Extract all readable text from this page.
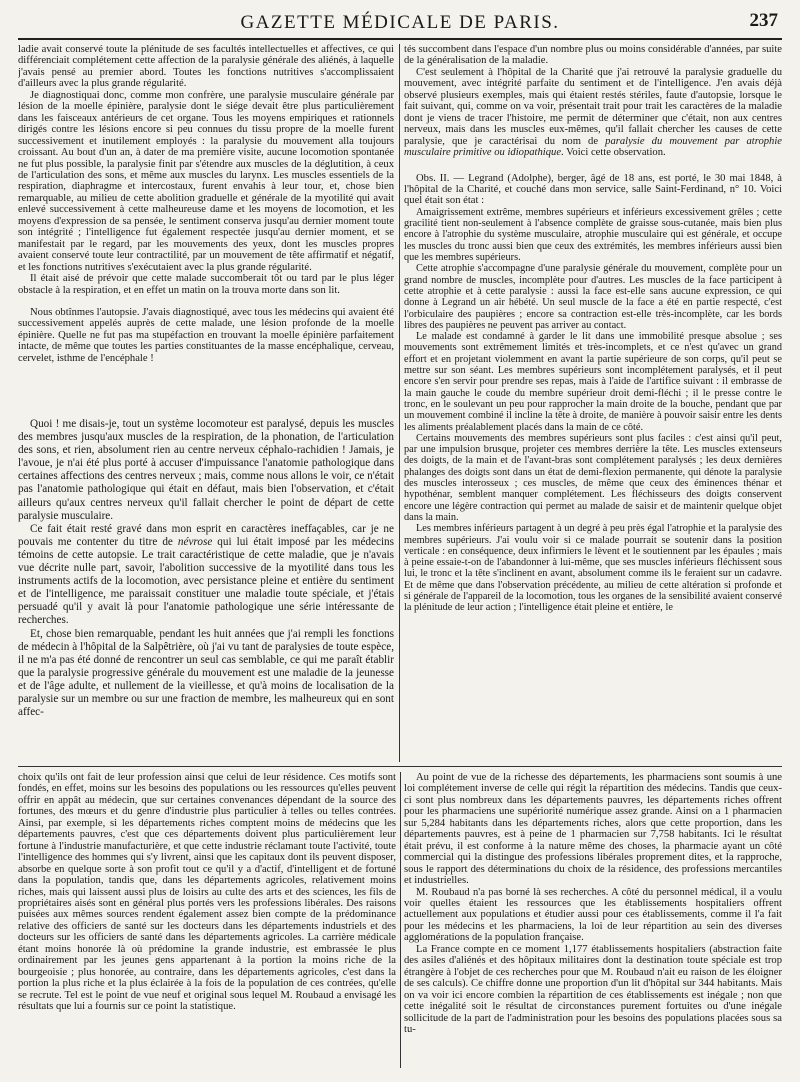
GAZETTE MÉDICALE DE PARIS.	237

ladie avait conservé toute la plénitude de ses facultés intellectuelles et affectives, ce qui différenciait complétement cette affection de la paralysie générale des aliénés, à laquelle j'avais pensé au premier abord. Toutes les fonctions nutritives s'accomplissaient d'ailleurs avec la plus grande régularité.

Je diagnostiquai donc, comme mon confrère, une paralysie musculaire générale par lésion de la moelle épinière, paralysie dont le siége devait être plus particulièrement dans les faisceaux antérieurs de cet organe. Tous les moyens empiriques et rationnels dirigés contre les lésions encore si peu connues du tissu propre de la moelle furent successivement et inutilement employés : la paralysie du mouvement alla toujours croissant. Au bout d'un an, à dater de ma première visite, aucune locomotion spontanée ne fut plus possible, la paralysie finit par s'étendre aux muscles de la déglutition, à ceux de l'articulation des sons, et même aux muscles du larynx. Les muscles essentiels de la respiration, diaphragme et intercostaux, furent envahis à leur tour, et, chose bien remarquable, au milieu de cette abolition graduelle et générale de la myotilité qui avait enlevé successivement à cette malheureuse dame et les moyens de locomotion, et les moyens d'expression de sa pensée, le sentiment conserva jusqu'au dernier moment toute son intégrité ; l'intelligence fut également respectée jusqu'au dernier moment, et se manifestait par le regard, par les mouvements des yeux, dont les muscles propres avaient conservé toute leur contractilité, par un mouvement de tête affirmatif et négatif, et les fonctions nutritives s'exécutaient avec la plus grande régularité.

Il était aisé de prévoir que cette malade succomberait tôt ou tard par le plus léger obstacle à la respiration, et en effet un matin on la trouva morte dans son lit.

Nous obtînmes l'autopsie. J'avais diagnostiqué, avec tous les médecins qui avaient été successivement appelés auprès de cette malade, une lésion profonde de la moelle épinière. Quelle ne fut pas ma stupéfaction en trouvant la moelle épinière parfaitement intacte, de même que toutes les parties constituantes de la masse encéphalique, cerveau, cervelet, isthme de l'encéphale !

Quoi ! me disais-je, tout un système locomoteur est paralysé, depuis les muscles des membres jusqu'aux muscles de la respiration, de la phonation, de l'articulation des sons, et rien, absolument rien au centre nerveux céphalo-rachidien ! Jamais, je l'avoue, je n'ai été plus porté à accuser d'impuissance l'anatomie pathologique dans certaines affections des centres nerveux ; mais, comme nous allons le voir, ce n'était pas l'anatomie pathologique qui était en défaut, mais bien l'observation, et c'était ailleurs qu'aux centres nerveux qu'il fallait chercher le point de départ de cette paralysie musculaire.

Ce fait était resté gravé dans mon esprit en caractères ineffaçables, car je ne pouvais me contenter du titre de névrose qui lui était imposé par les médecins témoins de cette autopsie. Le trait caractéristique de cette maladie, que je n'avais vue décrite nulle part, savoir, l'abolition successive de la myotilité dans tous les instruments actifs de la locomotion, avec persistance pleine et entière du sentiment et de l'intelligence, me paraissait constituer une maladie toute spéciale, et j'étais persuadé qu'il y avait là pour l'anatomie pathologique une série intéressante de recherches.

Et, chose bien remarquable, pendant les huit années que j'ai rempli les fonctions de médecin à l'hôpital de la Salpêtrière, où j'ai vu tant de paralysies de toute espèce, il ne m'a pas été donné de rencontrer un seul cas semblable, ce qui me paraît établir que la paralysie progressive générale du mouvement est une maladie de la jeunesse et de l'âge adulte, et nullement de la vieillesse, et qu'à moins de localisation de la paralysie sur un membre ou sur une fraction de membre, les malheureux qui en sont affec-

tés succombent dans l'espace d'un nombre plus ou moins considérable d'années, par suite de la généralisation de la maladie.

C'est seulement à l'hôpital de la Charité que j'ai retrouvé la paralysie graduelle du mouvement, avec intégrité parfaite du sentiment et de l'intelligence. J'en avais déjà observé plusieurs exemples, mais qui étaient restés stériles, faute d'autopsie, lorsque le fait suivant, qui, comme on va voir, présentait trait pour trait les caractères de la maladie dont je viens de tracer l'histoire, me permit de déterminer que c'était, non aux centres nerveux, mais dans les muscles eux-mêmes, qu'il fallait chercher les causes de cette paralysie, que je caractérisai du nom de paralysie du mouvement par atrophie musculaire primitive ou idiopathique. Voici cette observation.

Obs. II. — Legrand (Adolphe), berger, âgé de 18 ans, est porté, le 30 mai 1848, à l'hôpital de la Charité, et couché dans mon service, salle Saint-Ferdinand, n° 10. Voici quel était son état :

Amaigrissement extrême, membres supérieurs et inférieurs excessivement grêles ; cette gracilité tient non-seulement à l'absence complète de graisse sous-cutanée, mais bien plus encore à l'atrophie du système musculaire, atrophie musculaire qui est générale, et occupe les muscles du tronc aussi bien que ceux des extrémités, les membres inférieurs aussi bien que les membres supérieurs.

Cette atrophie s'accompagne d'une paralysie générale du mouvement, complète pour un grand nombre de muscles, incomplète pour d'autres. Les muscles de la face participent à cette atrophie et à cette paralysie : aussi la face est-elle sans aucune expression, ce qui donne à Legrand un air hébété. Un seul muscle de la face a été en partie respecté, c'est l'orbiculaire des paupières ; encore sa contraction est-elle très-incomplète, car les bords libres des paupières ne peuvent pas arriver au contact.

Le malade est condamné à garder le lit dans une immobilité presque absolue ; ses mouvements sont extrêmement limités et très-incomplets, et ce n'est qu'avec un grand effort et en projetant violemment en avant la partie supérieure de son corps, qu'il peut se mettre sur son séant. Les membres supérieurs sont incomplétement paralysés, et il peut encore s'en servir pour prendre ses repas, mais à l'aide de l'artifice suivant : il embrasse de la main gauche le coude du membre supérieur droit demi-fléchi ; il le presse contre le tronc, en le soulevant un peu pour rapprocher la main droite de la bouche, pendant que par un mouvement combiné il incline la tête à droite, de manière à pouvoir saisir entre les dents les aliments préalablement placés dans la main de ce côté.

Certains mouvements des membres supérieurs sont plus faciles : c'est ainsi qu'il peut, par une impulsion brusque, projeter ces membres derrière la tête. Les muscles extenseurs des doigts, de la main et de l'avant-bras sont complétement paralysés ; les deux dernières phalanges des doigts sont dans un état de demi-flexion permanente, qui dénote la paralysie des muscles interosseux ; ces muscles, de même que ceux des éminences thénar et hypothénar, semblent manquer complétement. Les fléchisseurs des doigts conservent encore une légère contraction qui permet au malade de saisir et de maintenir quelque objet dans la main.

Les membres inférieurs partagent à un degré à peu près égal l'atrophie et la paralysie des membres supérieurs. J'ai voulu voir si ce malade pourrait se soutenir dans la position verticale : en conséquence, deux infirmiers le lèvent et le soutiennent par les épaules ; mais à peine essaie-t-on de l'abandonner à lui-même, que ses muscles inférieurs fléchissent sous lui, le tronc et la tête s'inclinent en avant, absolument comme ils le feraient sur un cadavre. Et de même que dans l'observation précédente, au milieu de cette altération si profonde et si générale de l'appareil de la locomotion, tous les organes de la sensibilité avaient conservé la plénitude de leur action ; l'intelligence était pleine et entière, le

choix qu'ils ont fait de leur profession ainsi que celui de leur résidence. Ces motifs sont fondés, en effet, moins sur les besoins des populations ou les ressources qu'elles peuvent offrir en appât au médecin, que sur certaines convenances dépendant de la source des fortunes, des mœurs et du genre d'industrie plus particulier à telles ou telles contrées. Ainsi, par exemple, si les départements riches comptent moins de médecins que les départements pauvres, c'est que ces départements doivent plus particulièrement leur fortune à l'industrie manufacturière, et que cette industrie réclamant toute l'activité, toute l'intelligence des hommes qui s'y livrent, ainsi que les capitaux dont ils peuvent disposer, absorbe en quelque sorte à son profit tout ce qu'il y a d'actif, d'intelligent et de fortuné dans la population, tandis que, dans les départements agricoles, relativement moins riches, mais qui laissent aussi plus de loisirs au culte des arts et des sciences, les fils de propriétaires aisés sont en général plus portés vers les professions libérales. Des raisons puisées aux mêmes sources rendent également assez bien compte de la prédominance relative des officiers de santé sur les docteurs dans les départements industriels et des docteurs sur les officiers de santé dans les départements agricoles. La carrière médicale étant moins honorée là où prédomine la grande industrie, est embrassée le plus ordinairement par les jeunes gens appartenant à la portion la moins riche de la bourgeoisie ; plus honorée, au contraire, dans les départements agricoles, c'est dans la portion la plus riche et la plus éclairée à la fois de la population de ces contrées, qu'elle se recrute. Tel est le point de vue neuf et original sous lequel M. Roubaud a envisagé les résultats que lui a fournis sur ce point la statistique.

Au point de vue de la richesse des départements, les pharmaciens sont soumis à une loi complétement inverse de celle qui régit la répartition des médecins. Tandis que ceux-ci sont plus nombreux dans les départements pauvres, les départements riches offrent pour les pharmaciens une supériorité numérique assez grande. Ainsi on a 1 pharmacien sur 5,284 habitants dans les départements riches, alors que cette proportion, dans les départements pauvres, est à peine de 1 pharmacien sur 7,758 habitants. Ici le résultat était prévu, il est conforme à la nature même des choses, la pharmacie ayant un côté commercial qui la distingue des professions libérales proprement dites, et la rapproche, sous le rapport des déterminations du choix de la résidence, des professions mercantiles et industrielles.

M. Roubaud n'a pas borné là ses recherches. A côté du personnel médical, il a voulu voir quelles étaient les ressources que les établissements hospitaliers offrent actuellement aux populations et étudier aussi pour ces établissements, comme il l'a fait pour les médecins et les pharmaciens, la loi de leur répartition au sein des diverses agglomérations de la population française.

La France compte en ce moment 1,177 établissements hospitaliers (abstraction faite des asiles d'aliénés et des hôpitaux militaires dont la destination toute spéciale est trop étrangère à l'objet de ces recherches pour que M. Roubaud n'ait eu raison de les éloigner de ses calculs). Ce chiffre donne une proportion d'un lit d'hôpital sur 344 habitants. Mais on va voir ici encore combien la répartition de ces établissements est inégale ; non que cette inégalité soit le résultat de circonstances purement fortuites ou d'une inégale sollicitude de la part de l'administration pour les besoins des populations placées sous sa tu-
